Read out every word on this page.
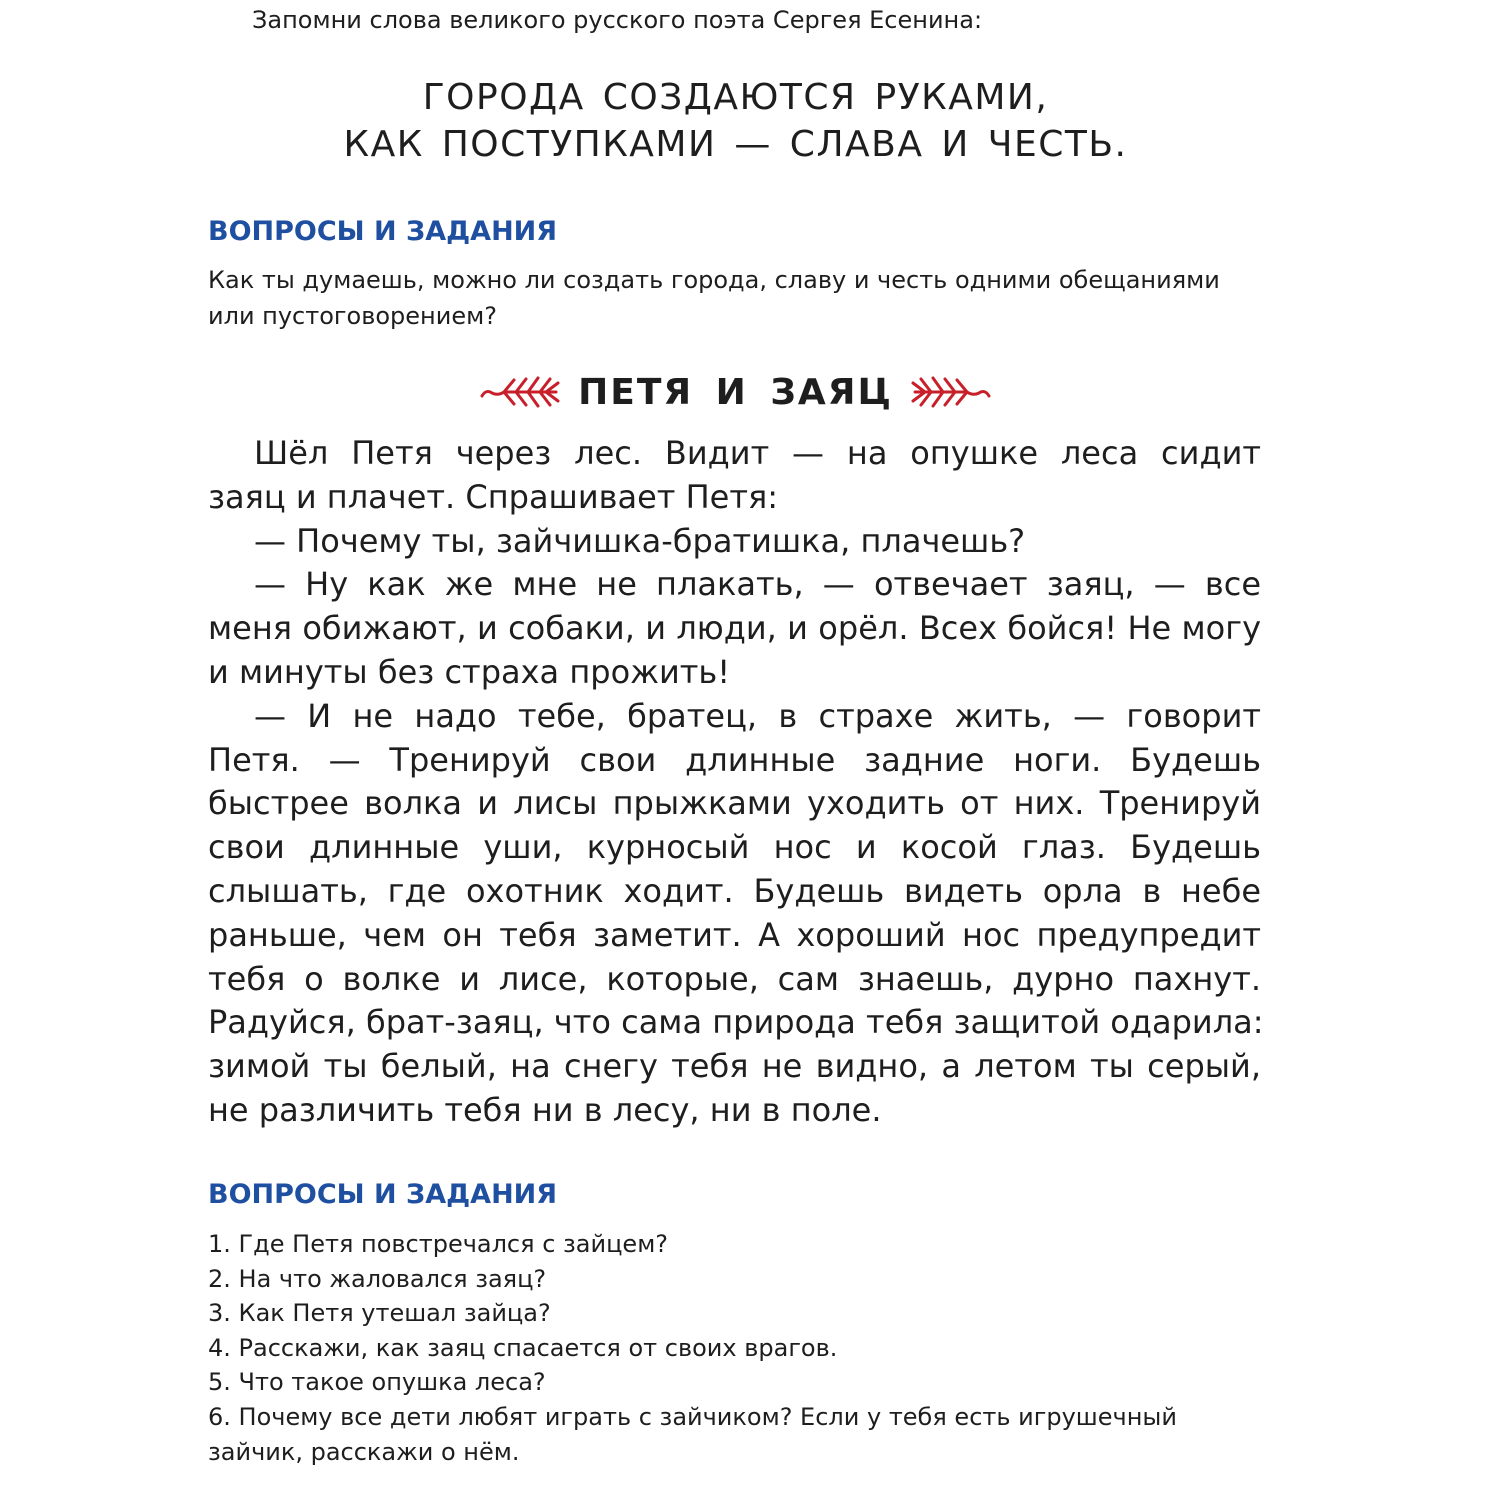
Запомни слова великого русского поэта Сергея Есенина:
ГОРОДА СОЗДАЮТСЯ РУКАМИ,
КАК ПОСТУПКАМИ — СЛАВА И ЧЕСТЬ.
ВОПРОСЫ И ЗАДАНИЯ
Как ты думаешь, можно ли создать города, славу и честь одними обещаниями
или пустоговорением?
ПЕТЯ И ЗАЯЦ
Шёл Петя через лес. Видит — на опушке леса сидит
заяц и плачет. Спрашивает Петя:
— Почему ты, зайчишка-братишка, плачешь?
— Ну как же мне не плакать, — отвечает заяц, — все
меня обижают, и собаки, и люди, и орёл. Всех бойся! Не могу
и минуты без страха прожить!
— И не надо тебе, братец, в страхе жить, — говорит
Петя. — Тренируй свои длинные задние ноги. Будешь
быстрее волка и лисы прыжками уходить от них. Тренируй
свои длинные уши, курносый нос и косой глаз. Будешь
слышать, где охотник ходит. Будешь видеть орла в небе
раньше, чем он тебя заметит. А хороший нос предупредит
тебя о волке и лисе, которые, сам знаешь, дурно пахнут.
Радуйся, брат-заяц, что сама природа тебя защитой одарила:
зимой ты белый, на снегу тебя не видно, а летом ты серый,
не различить тебя ни в лесу, ни в поле.
ВОПРОСЫ И ЗАДАНИЯ
1. Где Петя повстречался с зайцем?
2. На что жаловался заяц?
3. Как Петя утешал зайца?
4. Расскажи, как заяц спасается от своих врагов.
5. Что такое опушка леса?
6. Почему все дети любят играть с зайчиком? Если у тебя есть игрушечный
зайчик, расскажи о нём.
